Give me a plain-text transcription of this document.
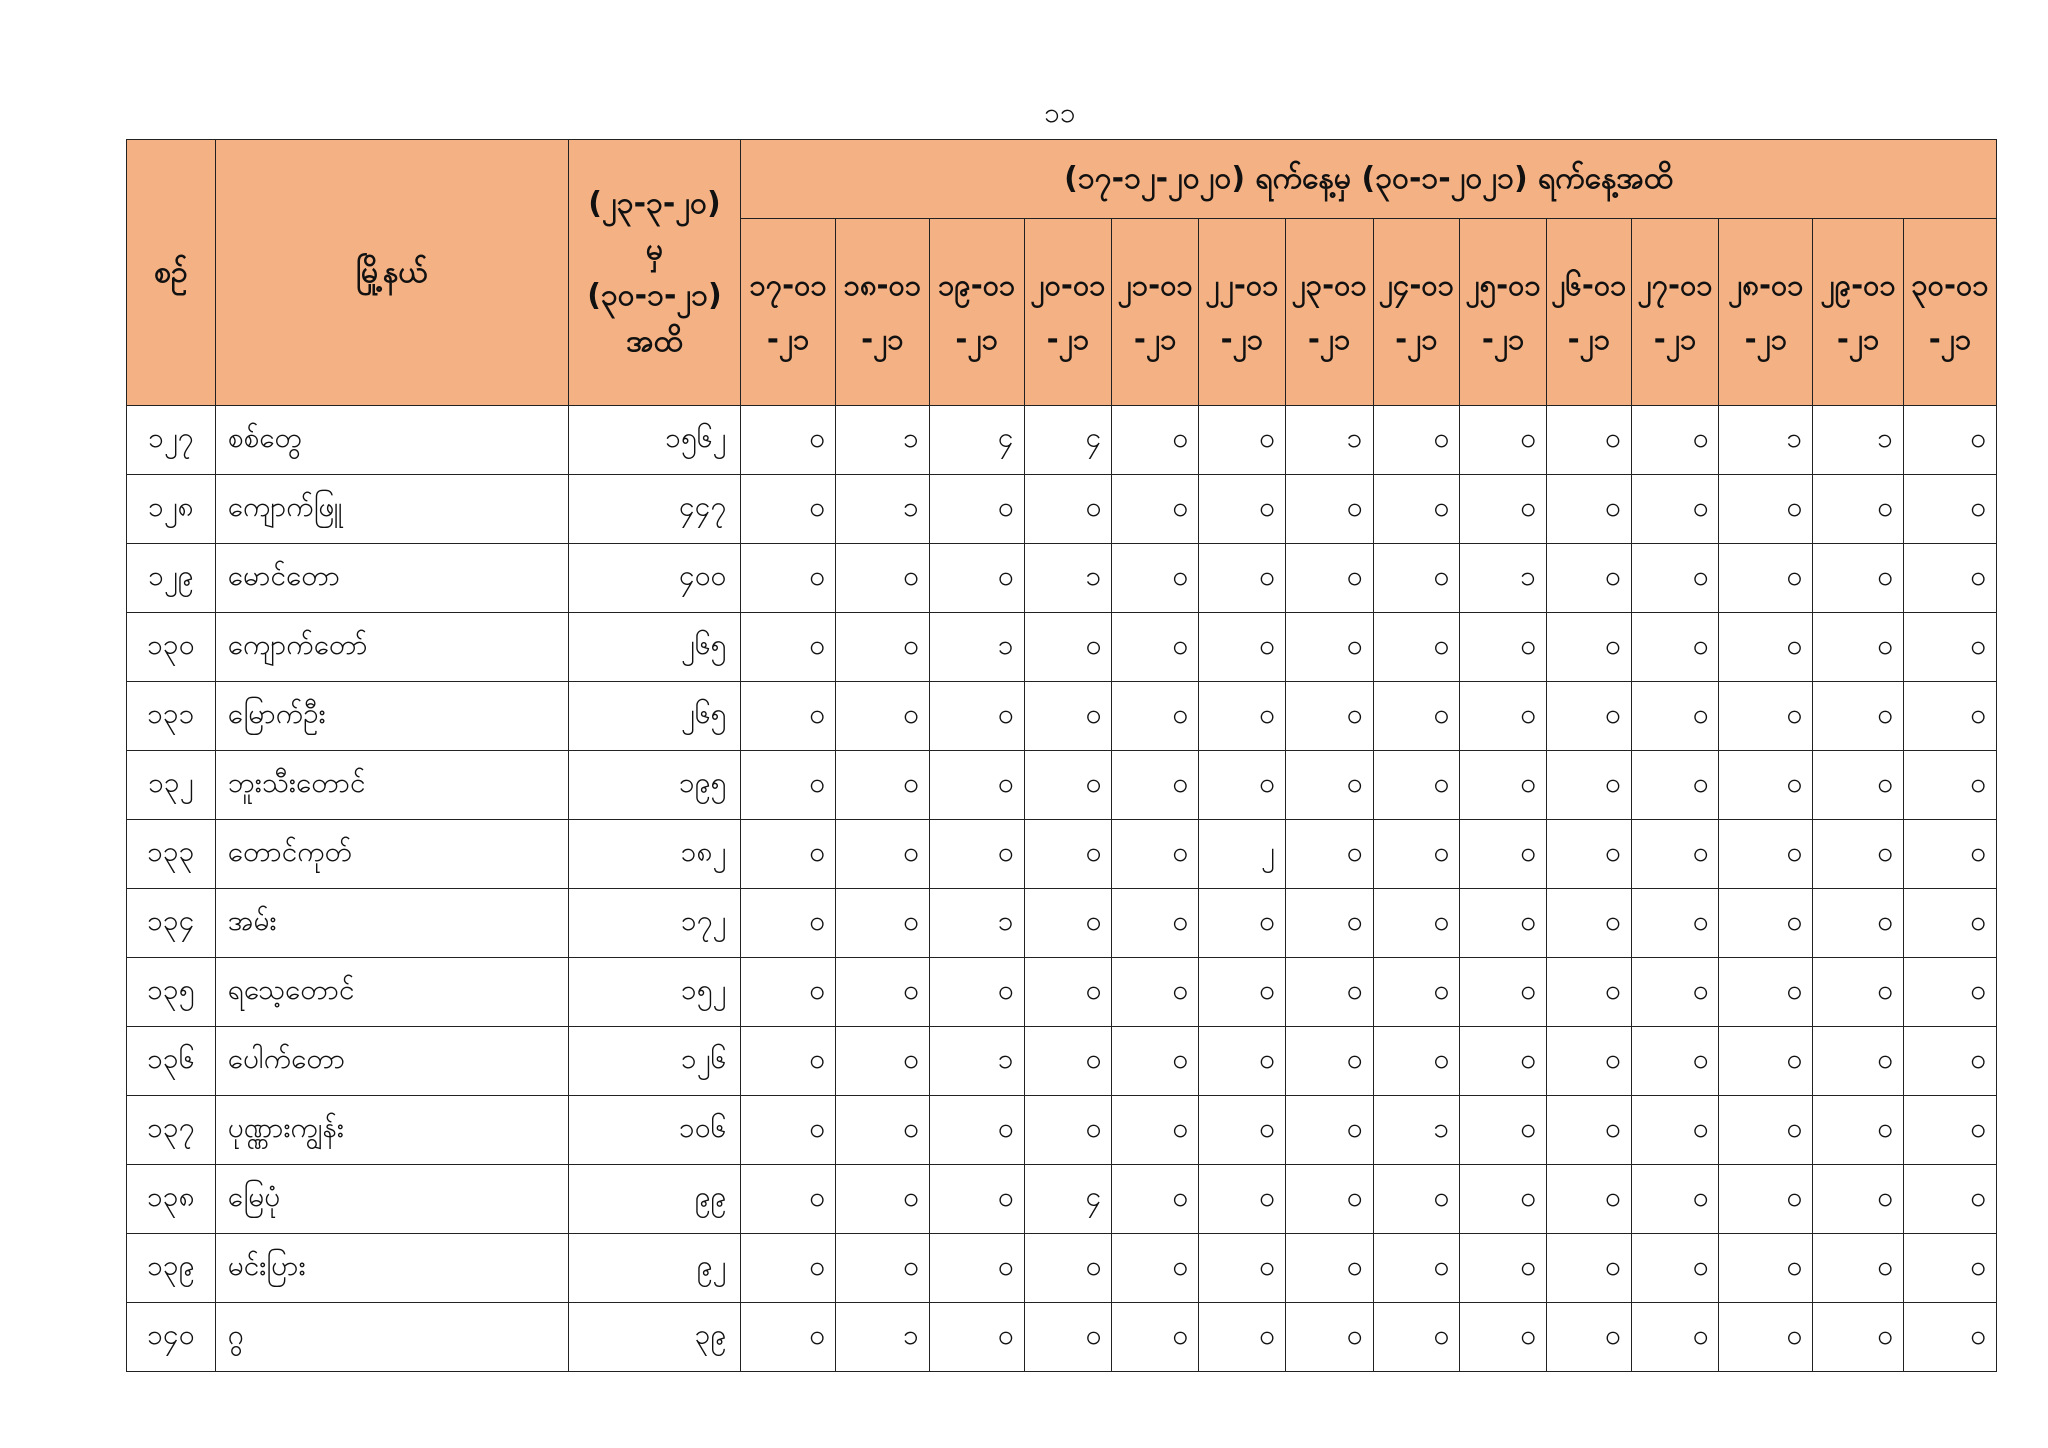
၁၁
စဉ်	မြို့နယ်	(၂၃-၃-၂၀) မှ (၃၀-၁-၂၁) အထိ	(၁၇-၁၂-၂၀၂၀) ရက်နေ့မှ (၃၀-၁-၂၀၂၁) ရက်နေ့အထိ													
			၁၇-၀၁-၂၁	၁၈-၀၁-၂၁	၁၉-၀၁-၂၁	၂၀-၀၁-၂၁	၂၁-၀၁-၂၁	၂၂-၀၁-၂၁	၂၃-၀၁-၂၁	၂၄-၀၁-၂၁	၂၅-၀၁-၂၁	၂၆-၀၁-၂၁	၂၇-၀၁-၂၁	၂၈-၀၁-၂၁	၂၉-၀၁-၂၁	၃၀-၀၁-၂၁
၁၂၇	စစ်တွေ	၁၅၆၂	၀	၁	၄	၄	၀	၀	၁	၀	၀	၀	၀	၁	၁	၀
၁၂၈	ကျောက်ဖြူ	၄၄၇	၀	၁	၀	၀	၀	၀	၀	၀	၀	၀	၀	၀	၀	၀
၁၂၉	မောင်တော	၄၀၀	၀	၀	၀	၁	၀	၀	၀	၀	၁	၀	၀	၀	၀	၀
၁၃၀	ကျောက်တော်	၂၆၅	၀	၀	၁	၀	၀	၀	၀	၀	၀	၀	၀	၀	၀	၀
၁၃၁	မြောက်ဦး	၂၆၅	၀	၀	၀	၀	၀	၀	၀	၀	၀	၀	၀	၀	၀	၀
၁၃၂	ဘူးသီးတောင်	၁၉၅	၀	၀	၀	၀	၀	၀	၀	၀	၀	၀	၀	၀	၀	၀
၁၃၃	တောင်ကုတ်	၁၈၂	၀	၀	၀	၀	၀	၂	၀	၀	၀	၀	၀	၀	၀	၀
၁၃၄	အမ်း	၁၇၂	၀	၀	၁	၀	၀	၀	၀	၀	၀	၀	၀	၀	၀	၀
၁၃၅	ရသေ့တောင်	၁၅၂	၀	၀	၀	၀	၀	၀	၀	၀	၀	၀	၀	၀	၀	၀
၁၃၆	ပေါက်တော	၁၂၆	၀	၀	၁	၀	၀	၀	၀	၀	၀	၀	၀	၀	၀	၀
၁၃၇	ပုဏ္ဏားကျွန်း	၁၀၆	၀	၀	၀	၀	၀	၀	၀	၁	၀	၀	၀	၀	၀	၀
၁၃၈	မြေပုံ	၉၉	၀	၀	၀	၄	၀	၀	၀	၀	၀	၀	၀	၀	၀	၀
၁၃၉	မင်းပြား	၉၂	၀	၀	၀	၀	၀	၀	၀	၀	၀	၀	၀	၀	၀	၀
၁၄၀	ဂွ	၃၉	၀	၁	၀	၀	၀	၀	၀	၀	၀	၀	၀	၀	၀	၀
